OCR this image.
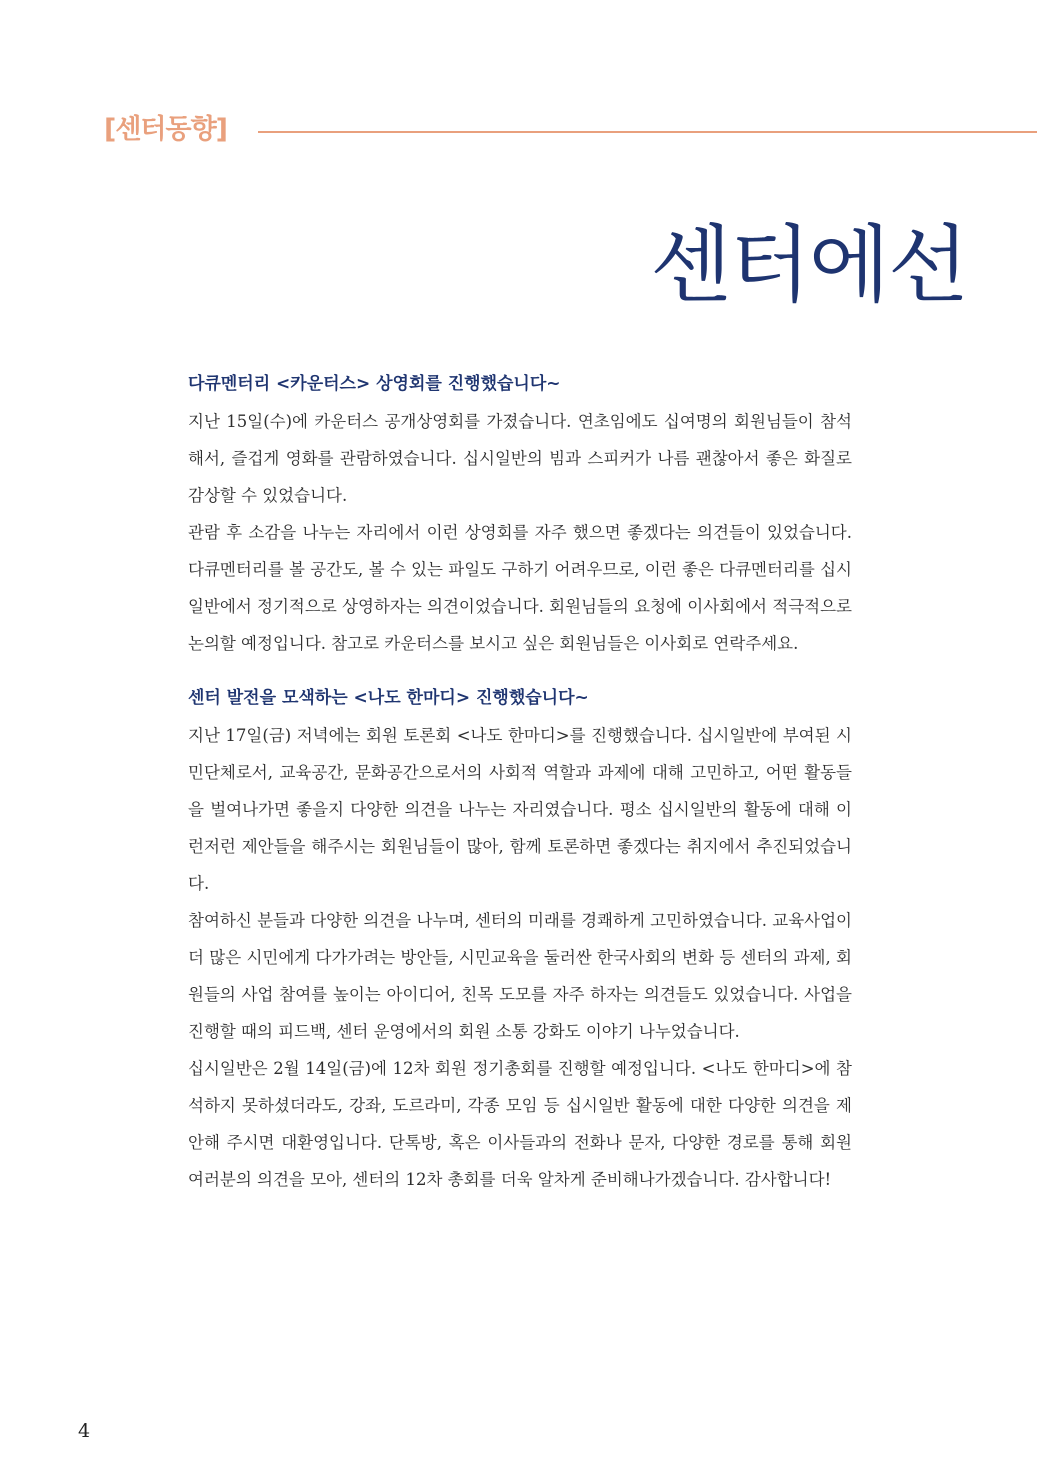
[센터동향]
센터에선
다큐멘터리 <카운터스> 상영회를 진행했습니다~

지난 15일(수)에 카운터스 공개상영회를 가졌습니다. 연초임에도 십여명의 회원님들이 참석해서, 즐겁게 영화를 관람하였습니다. 십시일반의 빔과 스피커가 나름 괜찮아서 좋은 화질로 감상할 수 있었습니다.

관람 후 소감을 나누는 자리에서 이런 상영회를 자주 했으면 좋겠다는 의견들이 있었습니다. 다큐멘터리를 볼 공간도, 볼 수 있는 파일도 구하기 어려우므로, 이런 좋은 다큐멘터리를 십시일반에서 정기적으로 상영하자는 의견이었습니다. 회원님들의 요청에 이사회에서 적극적으로 논의할 예정입니다. 참고로 카운터스를 보시고 싶은 회원님들은 이사회로 연락주세요.

센터 발전을 모색하는 <나도 한마디> 진행했습니다~

지난 17일(금) 저녁에는 회원 토론회 <나도 한마디>를 진행했습니다. 십시일반에 부여된 시민단체로서, 교육공간, 문화공간으로서의 사회적 역할과 과제에 대해 고민하고, 어떤 활동들을 벌여나가면 좋을지 다양한 의견을 나누는 자리였습니다. 평소 십시일반의 활동에 대해 이런저런 제안들을 해주시는 회원님들이 많아, 함께 토론하면 좋겠다는 취지에서 추진되었습니다.

참여하신 분들과 다양한 의견을 나누며, 센터의 미래를 경쾌하게 고민하였습니다. 교육사업이 더 많은 시민에게 다가가려는 방안들, 시민교육을 둘러싼 한국사회의 변화 등 센터의 과제, 회원들의 사업 참여를 높이는 아이디어, 친목 도모를 자주 하자는 의견들도 있었습니다. 사업을 진행할 때의 피드백, 센터 운영에서의 회원 소통 강화도 이야기 나누었습니다.

십시일반은 2월 14일(금)에 12차 회원 정기총회를 진행할 예정입니다. <나도 한마디>에 참석하지 못하셨더라도, 강좌, 도르라미, 각종 모임 등 십시일반 활동에 대한 다양한 의견을 제안해 주시면 대환영입니다. 단톡방, 혹은 이사들과의 전화나 문자, 다양한 경로를 통해 회원 여러분의 의견을 모아, 센터의 12차 총회를 더욱 알차게 준비해나가겠습니다. 감사합니다!

4
